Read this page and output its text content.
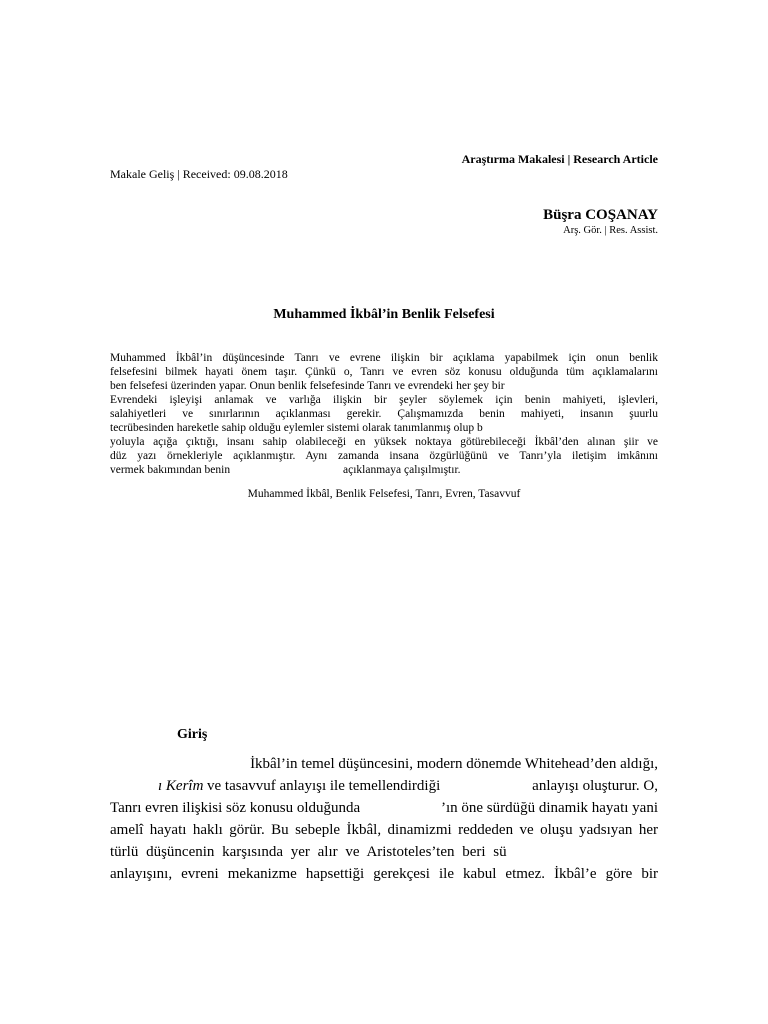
Araştırma Makalesi | Research Article
Makale Geliş | Received: 09.08.2018
Büşra COŞANAY
Arş. Gör. | Res. Assist.
Muhammed İkbâl’in Benlik Felsefesi
Muhammed İkbâl’in düşüncesinde Tanrı ve evrene ilişkin bir açıklama yapabilmek için onun benlik
felsefesini bilmek hayati önem taşır. Çünkü o, Tanrı ve evren söz konusu olduğunda tüm açıklamalarını
ben felsefesi üzerinden yapar. Onun benlik felsefesinde Tanrı ve evrendeki her şey bir
Evrendeki işleyişi anlamak ve varlığa ilişkin bir şeyler söylemek için benin mahiyeti, işlevleri,
salahiyetleri ve sınırlarının açıklanması gerekir. Çalışmamızda benin mahiyeti, insanın şuurlu
tecrübesinden hareketle sahip olduğu eylemler sistemi olarak tanımlanmış olup b
yoluyla açığa çıktığı, insanı sahip olabileceği en yüksek noktaya götürebileceği İkbâl’den alınan şiir ve
düz yazı örnekleriyle açıklanmıştır. Aynı zamanda insana özgürlüğünü ve Tanrı’yla iletişim imkânını
vermek bakımından benin	açıklanmaya çalışılmıştır.
Muhammed İkbâl, Benlik Felsefesi, Tanrı, Evren, Tasavvuf
Giriş
İkbâl’in temel düşüncesini, modern dönemde Whitehead’den aldığı,
ı Kerîm ve tasavvuf anlayışı ile temellendirdiği	anlayışı oluşturur. O,
Tanrı evren ilişkisi söz konusu olduğunda	’ın öne sürdüğü dinamik hayatı yani
amelî hayatı haklı görür. Bu sebeple İkbâl, dinamizmi reddeden ve oluşu yadsıyan her
türlü düşüncenin karşısında yer alır ve Aristoteles’ten beri sü
anlayışını, evreni mekanizme hapsettiği gerekçesi ile kabul etmez. İkbâl’e göre bir
